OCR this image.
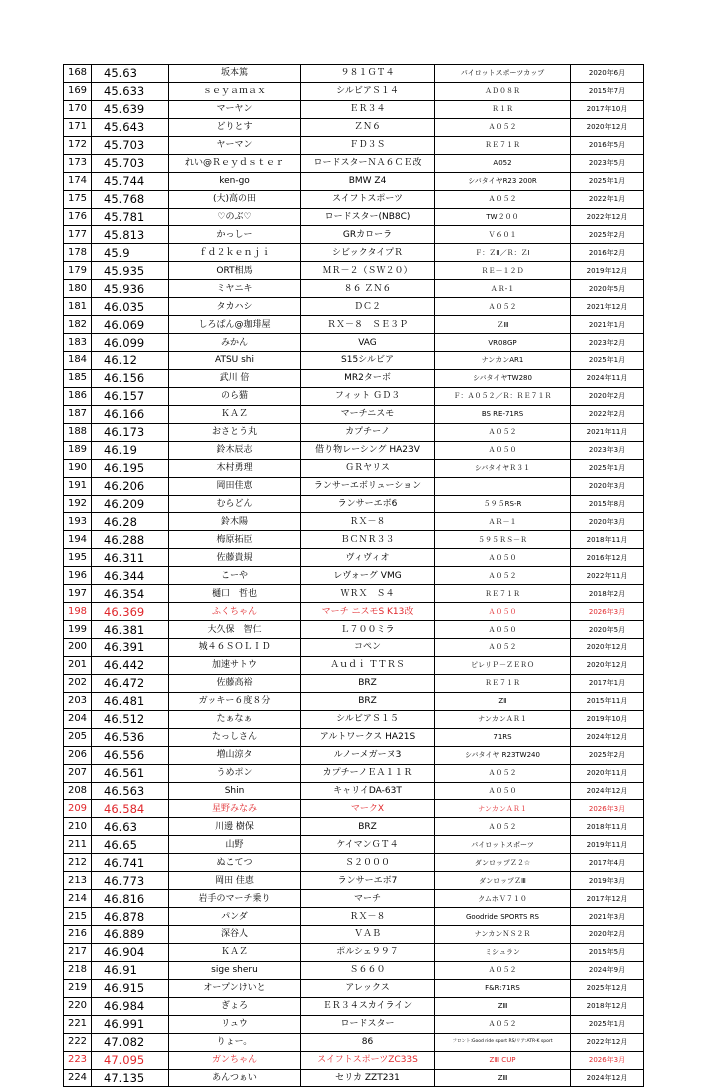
168	45.63	坂本篤	９８１ＧＴ４	パイロットスポーツカップ	2020年6月
169	45.633	ｓｅｙａｍａｘ	シルビアＳ１４	ＡＤ０８Ｒ	2015年7月
170	45.639	マーヤン	ＥＲ３４	Ｒ１Ｒ	2017年10月
171	45.643	どりとす	ＺＮ６	Ａ０５２	2020年12月
172	45.703	ヤーマン	ＦＤ３Ｓ	ＲＥ７１Ｒ	2016年5月
173	45.703	れい@Ｒｅｙｄｓｔｅｒ	ロードスターＮＡ６ＣＥ改	A052	2023年5月
174	45.744	ken-go	BMW Z4	シバタイヤR23 200R	2025年1月
175	45.768	(大)高の田	スイフトスポーツ	Ａ０５２	2022年1月
176	45.781	♡のぶ♡	ロードスター(NB8C)	TW２００	2022年12月
177	45.813	かっしー	GRカローラ	Ｖ６０１	2025年2月
178	45.9	ｆｄ２ｋｅｎｊｉ	シビックタイプＲ	Ｆ：ＺⅡ／Ｒ：ＺⅠ	2016年2月
179	45.935	ORT相馬	ＭＲ－２（ＳＷ２０）	ＲＥ－１２Ｄ	2019年12月
180	45.936	ミヤニキ	８６ ＺＮ６	ＡＲ-１	2020年5月
181	46.035	タカハシ	ＤＣ２	Ａ０５２	2021年12月
182	46.069	しろぱん@珈琲屋	ＲＸ－８　ＳＥ３Ｐ	ＺⅢ	2021年1月
183	46.099	みかん	VAG	VR08GP	2023年2月
184	46.12	ATSU shi	S15シルビア	ナンカンAR1	2025年1月
185	46.156	武川 倍	MR2ターボ	シバタイヤTW280	2024年11月
186	46.157	のら猫	フィット ＧＤ３	Ｆ：Ａ０５２／Ｒ：ＲＥ７１Ｒ	2020年2月
187	46.166	ＫＡＺ	マーチニスモ	BS RE-71RS	2022年2月
188	46.173	おさとう丸	カプチーノ	Ａ０５２	2021年11月
189	46.19	鈴木辰志	借り物レーシング HA23V	Ａ０５０	2023年3月
190	46.195	木村勇理	ＧＲヤリス	シバタイヤＲ３１	2025年1月
191	46.206	岡田佳恵	ランサーエボリューション		2020年3月
192	46.209	むらどん	ランサーエボ6	５９５RS-R	2015年8月
193	46.28	鈴木陽	ＲＸ－８	ＡＲ－１	2020年3月
194	46.288	梅原拓臣	ＢＣＮＲ３３	５９５ＲＳ－Ｒ	2018年11月
195	46.311	佐藤貴規	ヴィヴィオ	Ａ０５０	2016年12月
196	46.344	こーや	レヴォーグ VMG	Ａ０５２	2022年11月
197	46.354	樋口　哲也	ＷＲＸ　Ｓ４	ＲＥ７１Ｒ	2018年2月
198	46.369	ふくちゃん	マーチ ニスモS K13改	Ａ０５０	2026年3月
199	46.381	大久保　智仁	Ｌ７００ミラ	Ａ０５０	2020年5月
200	46.391	城４６ＳＯＬＩＤ	コペン	Ａ０５２	2020年12月
201	46.442	加速サトウ	Ａｕｄｉ ＴＴＲＳ	ピレリＰ－ＺＥＲＯ	2020年12月
202	46.472	佐藤高裕	BRZ	ＲＥ７１Ｒ	2017年1月
203	46.481	ガッキー６度８分	BRZ	ZⅡ	2015年11月
204	46.512	たぁなぁ	シルビアＳ１５	ナンカンＡＲ１	2019年10月
205	46.536	たっしさん	アルトワークス HA21S	71RS	2024年12月
206	46.556	増山涼タ	ルノーメガーヌ3	シバタイヤ R23TW240	2025年2月
207	46.561	うめポン	カプチーノＥＡ１１Ｒ	Ａ０５２	2020年11月
208	46.563	Shin	キャリイDA-63T	Ａ０５０	2024年12月
209	46.584	星野みなみ	マークX	ナンカンＡＲ１	2026年3月
210	46.63	川邊 樹保	BRZ	Ａ０５２	2018年11月
211	46.65	山野	ケイマンＧＴ４	パイロットスポーツ	2019年11月
212	46.741	ぬこてつ	Ｓ２０００	ダンロップＺ２☆	2017年4月
213	46.773	岡田 佳恵	ランサーエボ7	ダンロップＺⅢ	2019年3月
214	46.816	岩手のマーチ乗り	マーチ	クムホＶ７１０	2017年12月
215	46.878	パンダ	ＲＸ－８	Goodride SPORTS RS	2021年3月
216	46.889	深谷人	ＶＡＢ	ナンカンＮＳ２Ｒ	2020年2月
217	46.904	ＫＡＺ	ポルシェ９９７	ミシュラン	2015年5月
218	46.91	sige sheru	Ｓ６６０	Ａ０５２	2024年9月
219	46.915	オープンけいと	アレックス	F&R:71RS	2025年12月
220	46.984	ぎょろ	ＥＲ３４スカイライン	ZⅢ	2018年12月
221	46.991	リュウ	ロードスター	Ａ０５２	2025年1月
222	47.082	りょー。	86	フロント:Good ride sport RS/リア:ATR-K sport	2022年12月
223	47.095	ガンちゃん	スイフトスポーツZC33S	ZⅢ CUP	2026年3月
224	47.135	あんつぁい	セリカ ZZT231	ZⅢ	2024年12月
